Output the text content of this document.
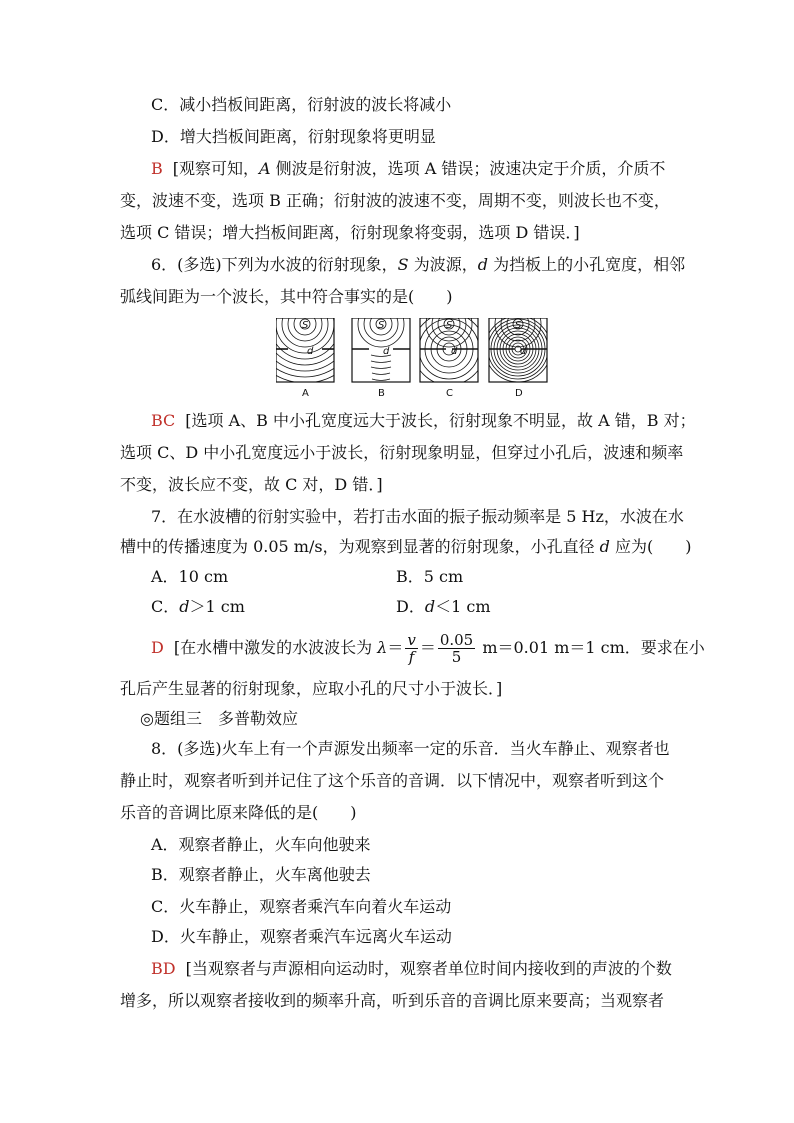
C．减小挡板间距离，衍射波的波长将减小
D．增大挡板间距离，衍射现象将更明显
B [观察可知，A 侧波是衍射波，选项 A 错误；波速决定于介质，介质不
变，波速不变，选项 B 正确；衍射波的波速不变，周期不变，则波长也不变，
选项 C 错误；增大挡板间距离，衍射现象将变弱，选项 D 错误．]
6．(多选)下列为水波的衍射现象，S 为波源，d 为挡板上的小孔宽度，相邻
弧线间距为一个波长，其中符合事实的是(　　)
S	S	S	S
d	d	d	d
A	B	C	D
BC [选项 A、B 中小孔宽度远大于波长，衍射现象不明显，故 A 错，B 对；
选项 C、D 中小孔宽度远小于波长，衍射现象明显，但穿过小孔后，波速和频率
不变，波长应不变，故 C 对，D 错．]
7．在水波槽的衍射实验中，若打击水面的振子振动频率是 5 Hz，水波在水
槽中的传播速度为 0.05 m/s，为观察到显著的衍射现象，小孔直径 d 应为(　　)
A．10 cm	B．5 cm
C．d＞1 cm	D．d＜1 cm
D [在水槽中激发的水波波长为 $\lambda= \frac{v}{f} = \frac{0.05}{5} m=0.01$ m＝1 cm．要求在小
孔后产生显著的衍射现象，应取小孔的尺寸小于波长．]
◎题组三　多普勒效应
8．(多选)火车上有一个声源发出频率一定的乐音．当火车静止、观察者也
静止时，观察者听到并记住了这个乐音的音调．以下情况中，观察者听到这个
乐音的音调比原来降低的是(　　)
A．观察者静止，火车向他驶来
B．观察者静止，火车离他驶去
C．火车静止，观察者乘汽车向着火车运动
D．火车静止，观察者乘汽车远离火车运动
BD [当观察者与声源相向运动时，观察者单位时间内接收到的声波的个数
增多，所以观察者接收到的频率升高，听到乐音的音调比原来要高；当观察者
